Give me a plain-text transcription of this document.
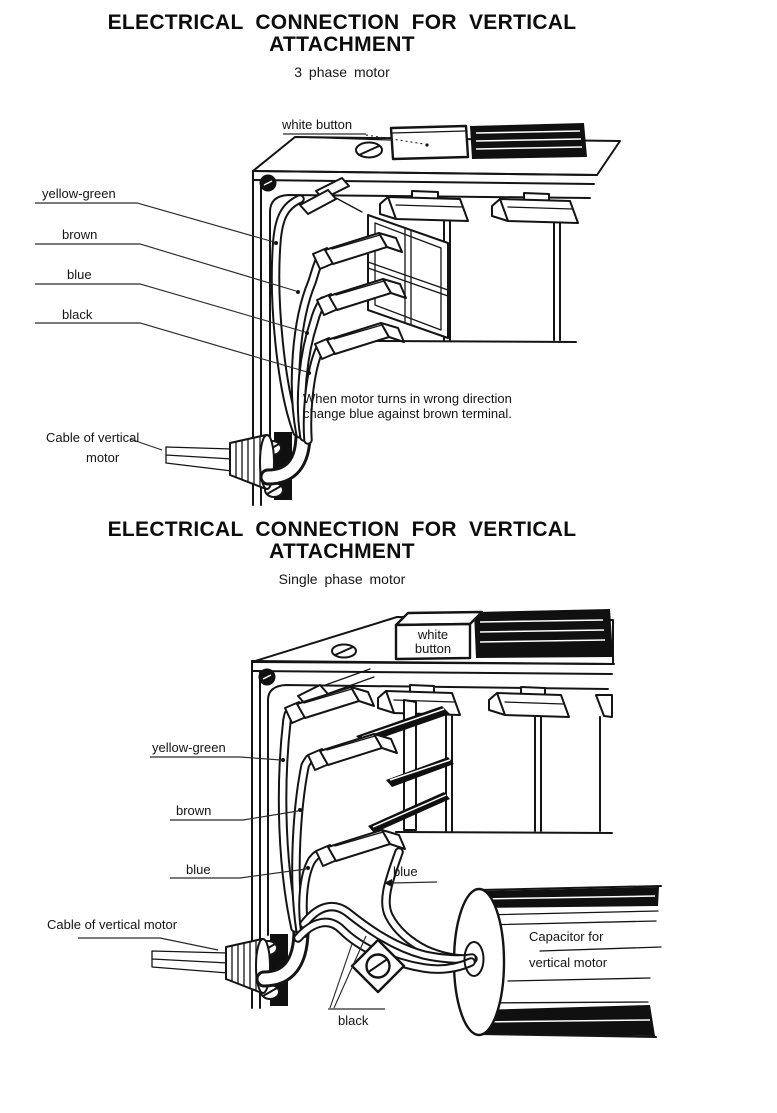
ELECTRICAL CONNECTION FOR VERTICAL
ATTACHMENT
3 phase motor
ELECTRICAL CONNECTION FOR VERTICAL
ATTACHMENT
Single phase motor
white button
yellow-green
brown
blue
black
When motor turns in wrong direction
change blue against brown terminal.
Cable of vertical
motor
white
button
yellow-green
brown
blue	blue
black
Cable of vertical motor
Capacitor for
vertical motor
